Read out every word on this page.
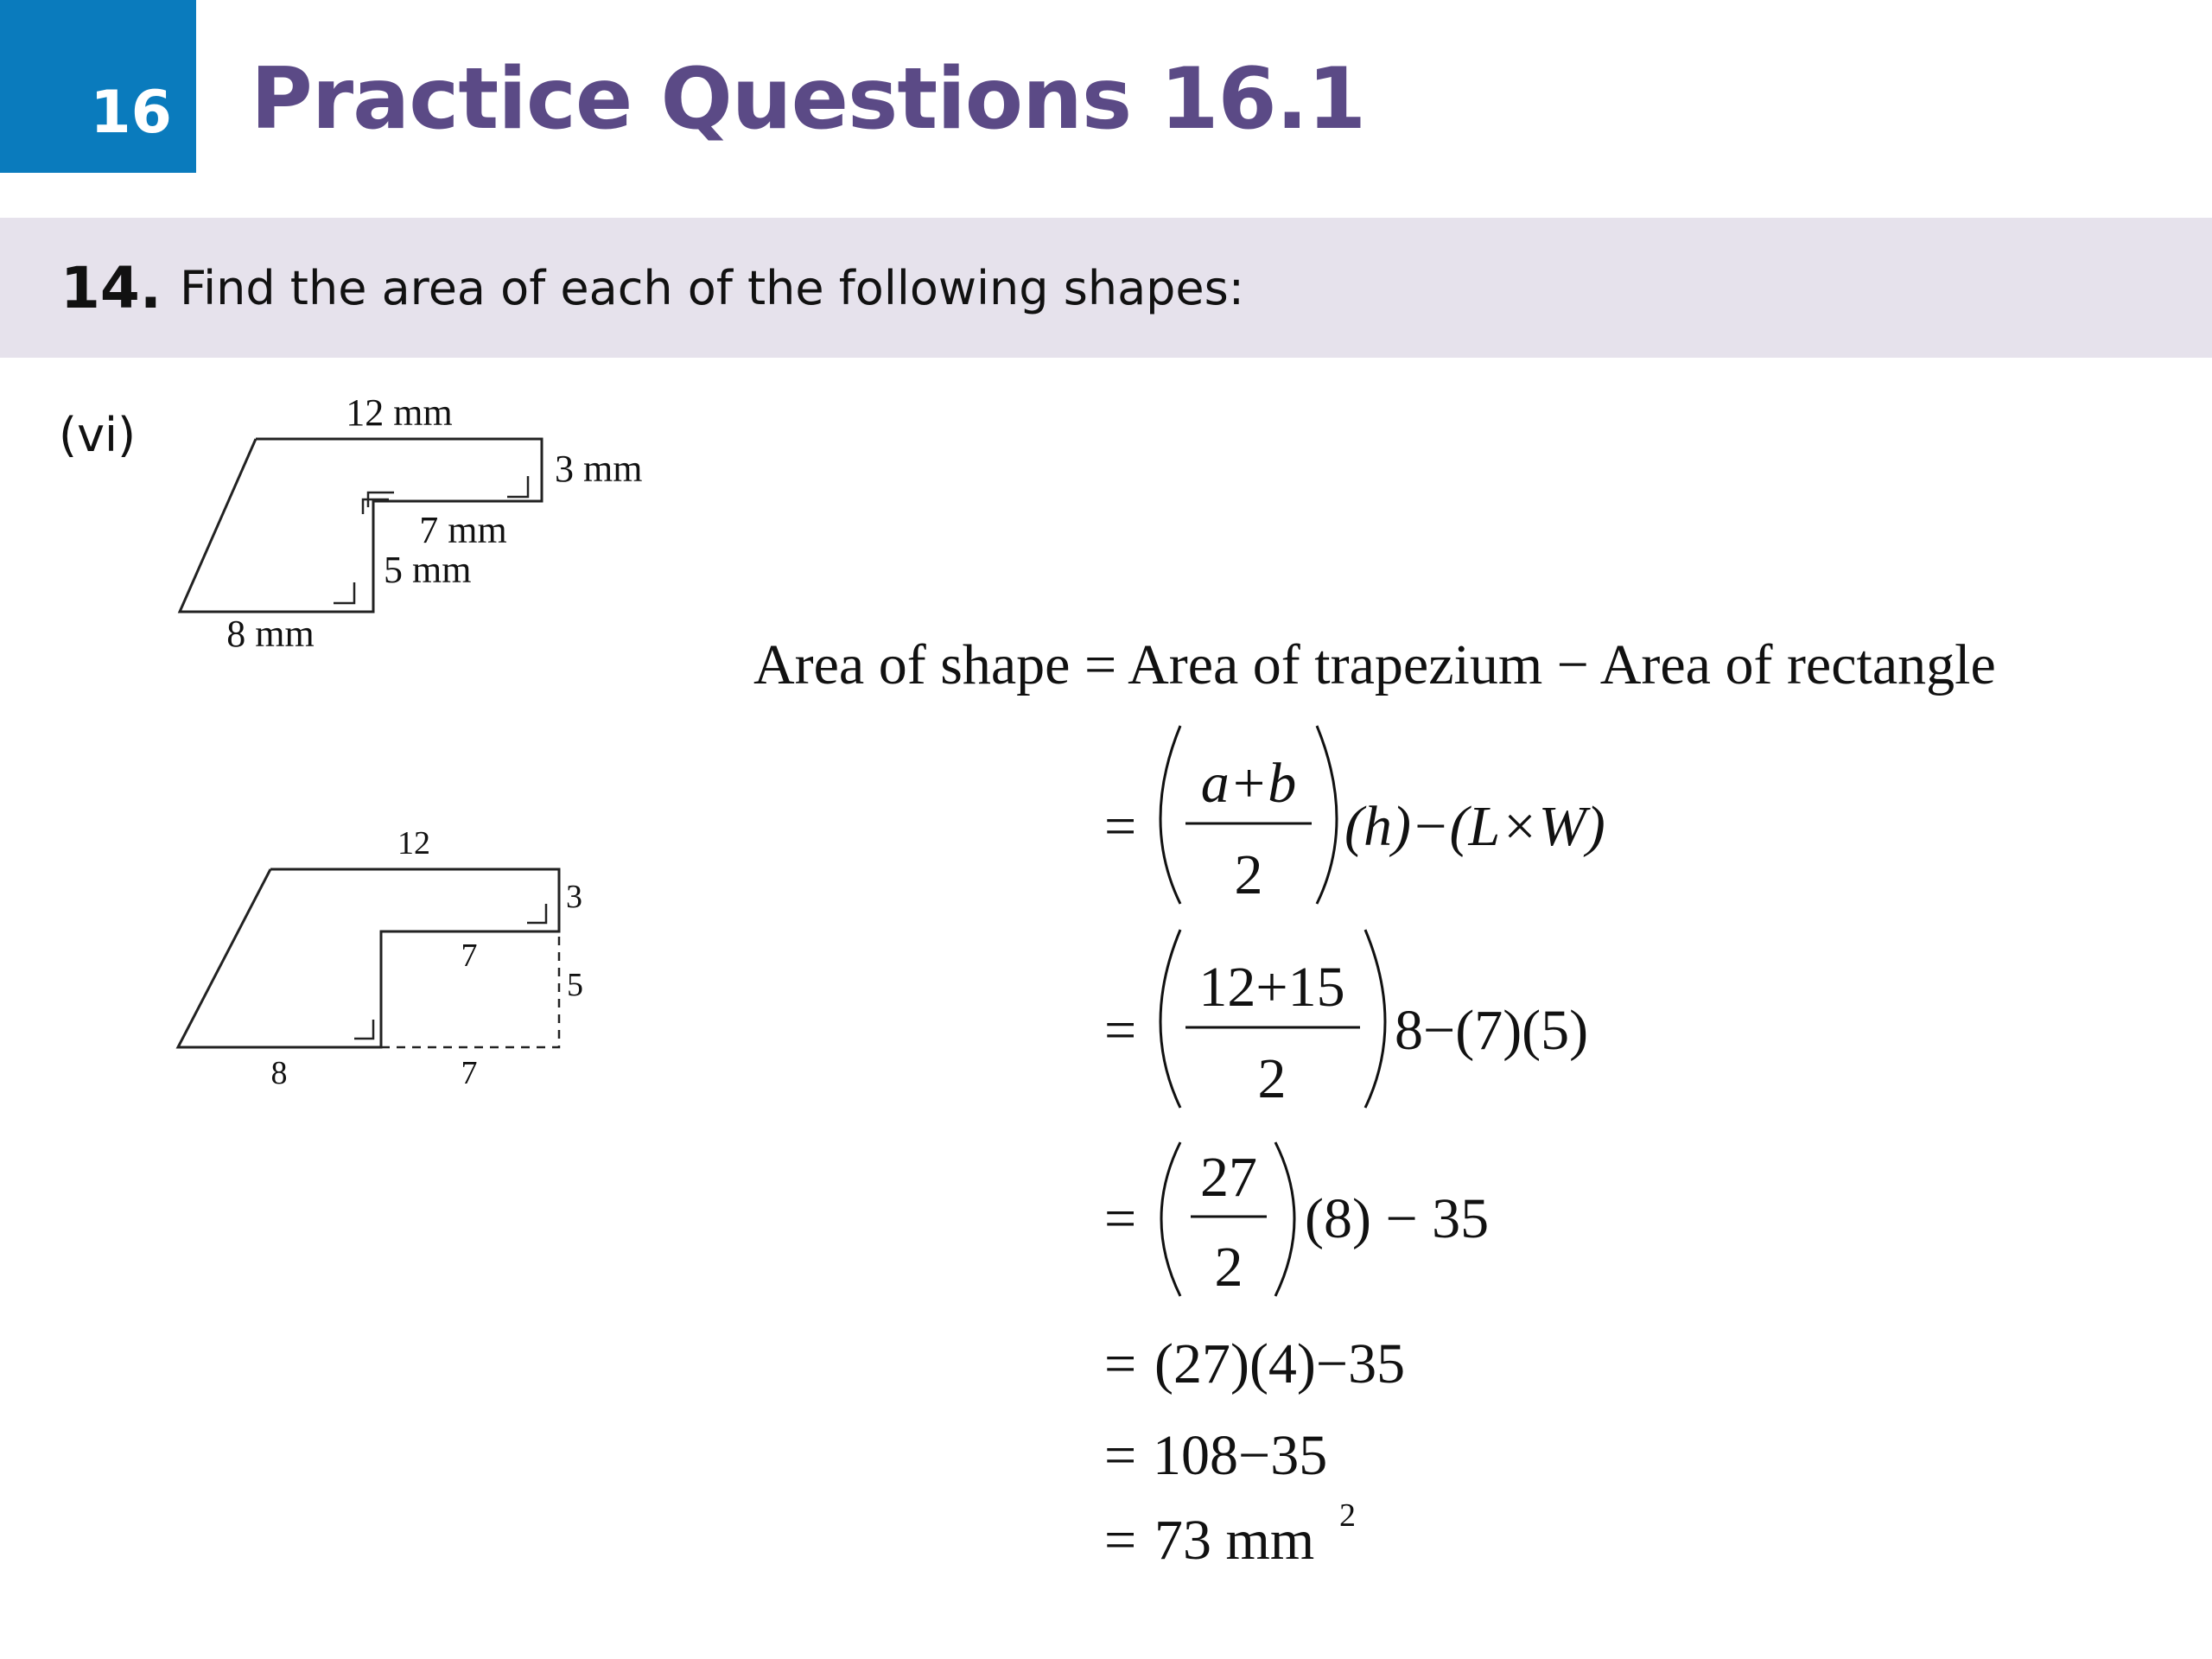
16 Practice Questions 16.1
14. Find the area of each of the following shapes:
(vi)	12 mm
3 mm
7 mm
5 mm
8 mm
12
3
7
5
8	7
Area of shape = Area of trapezium − Area of rectangle
=
a+b
2
(h)−(L×W)
=
12+15
2
8−(7)(5)
=
27
2
(8) − 35
= (27)(4)−35
= 108−35
= 73 mm 2
